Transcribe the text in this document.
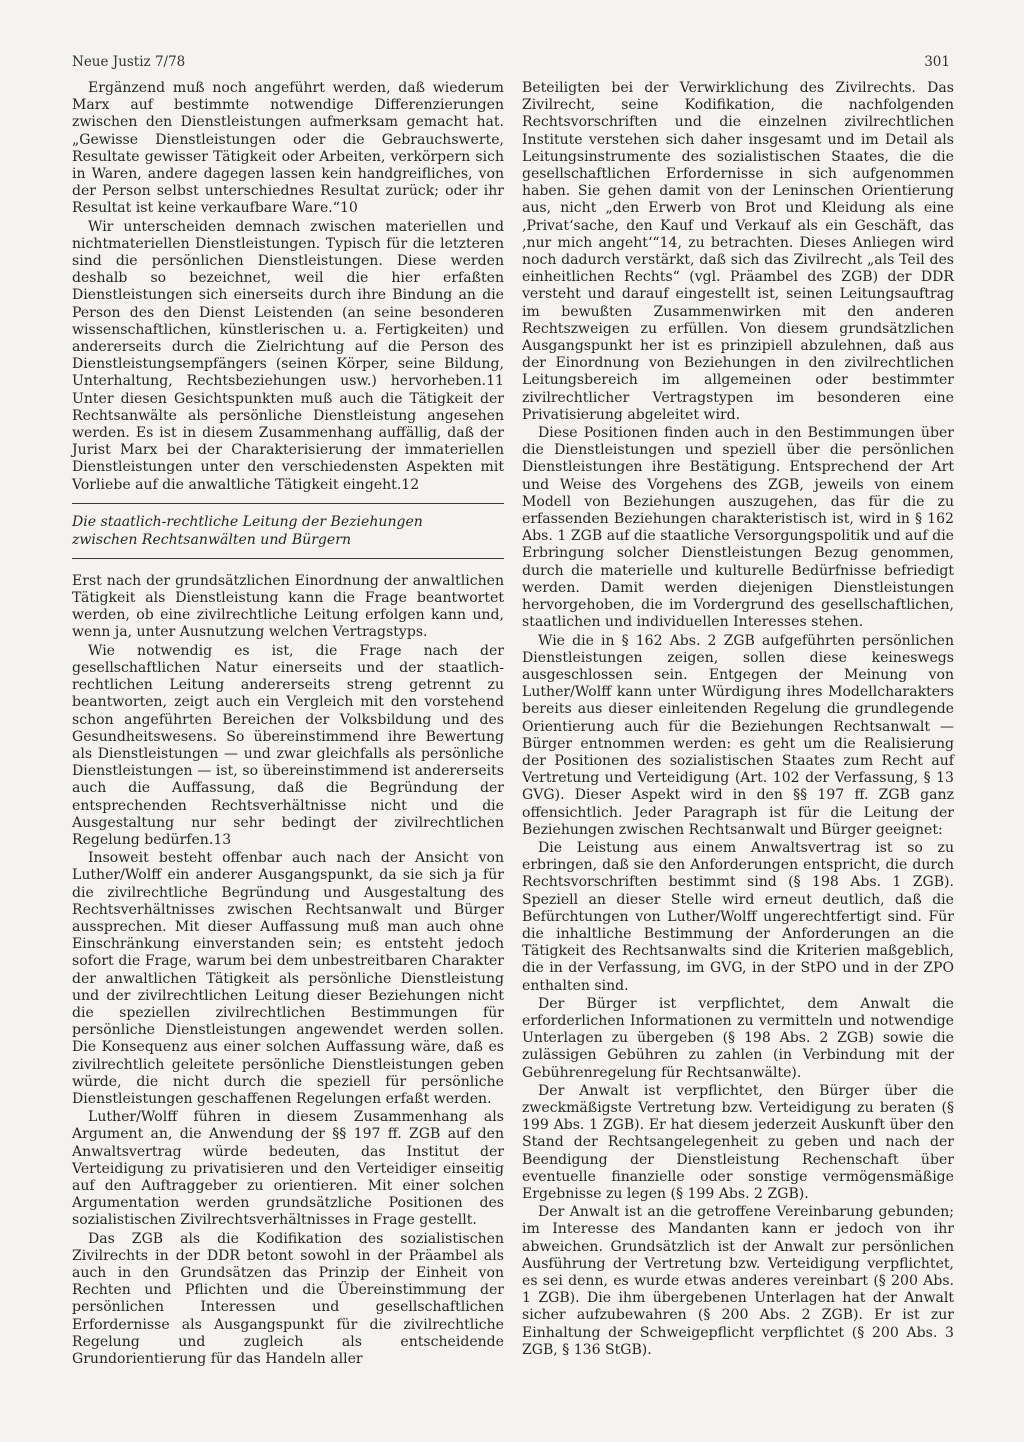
Neue Justiz 7/78	301

Ergänzend muß noch angeführt werden, daß wiederum Marx auf bestimmte notwendige Differenzierungen zwischen den Dienstleistungen aufmerksam gemacht hat. „Gewisse Dienstleistungen oder die Gebrauchswerte, Resultate gewisser Tätigkeit oder Arbeiten, verkörpern sich in Waren, andere dagegen lassen kein handgreifliches, von der Person selbst unterschiednes Resultat zurück; oder ihr Resultat ist keine verkaufbare Ware.“10

Wir unterscheiden demnach zwischen materiellen und nichtmateriellen Dienstleistungen. Typisch für die letzteren sind die persönlichen Dienstleistungen. Diese werden deshalb so bezeichnet, weil die hier erfaßten Dienstleistungen sich einerseits durch ihre Bindung an die Person des den Dienst Leistenden (an seine besonderen wissenschaftlichen, künstlerischen u. a. Fertigkeiten) und andererseits durch die Zielrichtung auf die Person des Dienstleistungsempfängers (seinen Körper, seine Bildung, Unterhaltung, Rechtsbeziehungen usw.) hervorheben.11 Unter diesen Gesichtspunkten muß auch die Tätigkeit der Rechtsanwälte als persönliche Dienstleistung angesehen werden. Es ist in diesem Zusammenhang auffällig, daß der Jurist Marx bei der Charakterisierung der immateriellen Dienstleistungen unter den verschiedensten Aspekten mit Vorliebe auf die anwaltliche Tätigkeit eingeht.12

Die staatlich-rechtliche Leitung der Beziehungen
zwischen Rechtsanwälten und Bürgern

Erst nach der grundsätzlichen Einordnung der anwaltlichen Tätigkeit als Dienstleistung kann die Frage beantwortet werden, ob eine zivilrechtliche Leitung erfolgen kann und, wenn ja, unter Ausnutzung welchen Vertragstyps.

Wie notwendig es ist, die Frage nach der gesellschaftlichen Natur einerseits und der staatlich-rechtlichen Leitung andererseits streng getrennt zu beantworten, zeigt auch ein Vergleich mit den vorstehend schon angeführten Bereichen der Volksbildung und des Gesundheitswesens. So übereinstimmend ihre Bewertung als Dienstleistungen — und zwar gleichfalls als persönliche Dienstleistungen — ist, so übereinstimmend ist andererseits auch die Auffassung, daß die Begründung der entsprechenden Rechtsverhältnisse nicht und die Ausgestaltung nur sehr bedingt der zivilrechtlichen Regelung bedürfen.13

Insoweit besteht offenbar auch nach der Ansicht von Luther/Wolff ein anderer Ausgangspunkt, da sie sich ja für die zivilrechtliche Begründung und Ausgestaltung des Rechtsverhältnisses zwischen Rechtsanwalt und Bürger aussprechen. Mit dieser Auffassung muß man auch ohne Einschränkung einverstanden sein; es entsteht jedoch sofort die Frage, warum bei dem unbestreitbaren Charakter der anwaltlichen Tätigkeit als persönliche Dienstleistung und der zivilrechtlichen Leitung dieser Beziehungen nicht die speziellen zivilrechtlichen Bestimmungen für persönliche Dienstleistungen angewendet werden sollen. Die Konsequenz aus einer solchen Auffassung wäre, daß es zivilrechtlich geleitete persönliche Dienstleistungen geben würde, die nicht durch die speziell für persönliche Dienstleistungen geschaffenen Regelungen erfaßt werden.

Luther/Wolff führen in diesem Zusammenhang als Argument an, die Anwendung der §§ 197 ff. ZGB auf den Anwaltsvertrag würde bedeuten, das Institut der Verteidigung zu privatisieren und den Verteidiger einseitig auf den Auftraggeber zu orientieren. Mit einer solchen Argumentation werden grundsätzliche Positionen des sozialistischen Zivilrechtsverhältnisses in Frage gestellt.

Das ZGB als die Kodifikation des sozialistischen Zivilrechts in der DDR betont sowohl in der Präambel als auch in den Grundsätzen das Prinzip der Einheit von Rechten und Pflichten und die Übereinstimmung der persönlichen Interessen und gesellschaftlichen Erfordernisse als Ausgangspunkt für die zivilrechtliche Regelung und zugleich als entscheidende Grundorientierung für das Handeln aller

Beteiligten bei der Verwirklichung des Zivilrechts. Das Zivilrecht, seine Kodifikation, die nachfolgenden Rechtsvorschriften und die einzelnen zivilrechtlichen Institute verstehen sich daher insgesamt und im Detail als Leitungsinstrumente des sozialistischen Staates, die die gesellschaftlichen Erfordernisse in sich aufgenommen haben. Sie gehen damit von der Leninschen Orientierung aus, nicht „den Erwerb von Brot und Kleidung als eine ‚Privat‘sache, den Kauf und Verkauf als ein Geschäft, das ‚nur mich angeht‘“14, zu betrachten. Dieses Anliegen wird noch dadurch verstärkt, daß sich das Zivilrecht „als Teil des einheitlichen Rechts“ (vgl. Präambel des ZGB) der DDR versteht und darauf eingestellt ist, seinen Leitungsauftrag im bewußten Zusammenwirken mit den anderen Rechtszweigen zu erfüllen. Von diesem grundsätzlichen Ausgangspunkt her ist es prinzipiell abzulehnen, daß aus der Einordnung von Beziehungen in den zivilrechtlichen Leitungsbereich im allgemeinen oder bestimmter zivilrechtlicher Vertragstypen im besonderen eine Privatisierung abgeleitet wird.

Diese Positionen finden auch in den Bestimmungen über die Dienstleistungen und speziell über die persönlichen Dienstleistungen ihre Bestätigung. Entsprechend der Art und Weise des Vorgehens des ZGB, jeweils von einem Modell von Beziehungen auszugehen, das für die zu erfassenden Beziehungen charakteristisch ist, wird in § 162 Abs. 1 ZGB auf die staatliche Versorgungspolitik und auf die Erbringung solcher Dienstleistungen Bezug genommen, durch die materielle und kulturelle Bedürfnisse befriedigt werden. Damit werden diejenigen Dienstleistungen hervorgehoben, die im Vordergrund des gesellschaftlichen, staatlichen und individuellen Interesses stehen.

Wie die in § 162 Abs. 2 ZGB aufgeführten persönlichen Dienstleistungen zeigen, sollen diese keineswegs ausgeschlossen sein. Entgegen der Meinung von Luther/Wolff kann unter Würdigung ihres Modellcharakters bereits aus dieser einleitenden Regelung die grundlegende Orientierung auch für die Beziehungen Rechtsanwalt — Bürger entnommen werden: es geht um die Realisierung der Positionen des sozialistischen Staates zum Recht auf Vertretung und Verteidigung (Art. 102 der Verfassung, § 13 GVG). Dieser Aspekt wird in den §§ 197 ff. ZGB ganz offensichtlich. Jeder Paragraph ist für die Leitung der Beziehungen zwischen Rechtsanwalt und Bürger geeignet:

Die Leistung aus einem Anwaltsvertrag ist so zu erbringen, daß sie den Anforderungen entspricht, die durch Rechtsvorschriften bestimmt sind (§ 198 Abs. 1 ZGB). Speziell an dieser Stelle wird erneut deutlich, daß die Befürchtungen von Luther/Wolff ungerechtfertigt sind. Für die inhaltliche Bestimmung der Anforderungen an die Tätigkeit des Rechtsanwalts sind die Kriterien maßgeblich, die in der Verfassung, im GVG, in der StPO und in der ZPO enthalten sind.

Der Bürger ist verpflichtet, dem Anwalt die erforderlichen Informationen zu vermitteln und notwendige Unterlagen zu übergeben (§ 198 Abs. 2 ZGB) sowie die zulässigen Gebühren zu zahlen (in Verbindung mit der Gebührenregelung für Rechtsanwälte).

Der Anwalt ist verpflichtet, den Bürger über die zweckmäßigste Vertretung bzw. Verteidigung zu beraten (§ 199 Abs. 1 ZGB). Er hat diesem jederzeit Auskunft über den Stand der Rechtsangelegenheit zu geben und nach der Beendigung der Dienstleistung Rechenschaft über eventuelle finanzielle oder sonstige vermögensmäßige Ergebnisse zu legen (§ 199 Abs. 2 ZGB).

Der Anwalt ist an die getroffene Vereinbarung gebunden; im Interesse des Mandanten kann er jedoch von ihr abweichen. Grundsätzlich ist der Anwalt zur persönlichen Ausführung der Vertretung bzw. Verteidigung verpflichtet, es sei denn, es wurde etwas anderes vereinbart (§ 200 Abs. 1 ZGB). Die ihm übergebenen Unterlagen hat der Anwalt sicher aufzubewahren (§ 200 Abs. 2 ZGB). Er ist zur Einhaltung der Schweigepflicht verpflichtet (§ 200 Abs. 3 ZGB, § 136 StGB).
